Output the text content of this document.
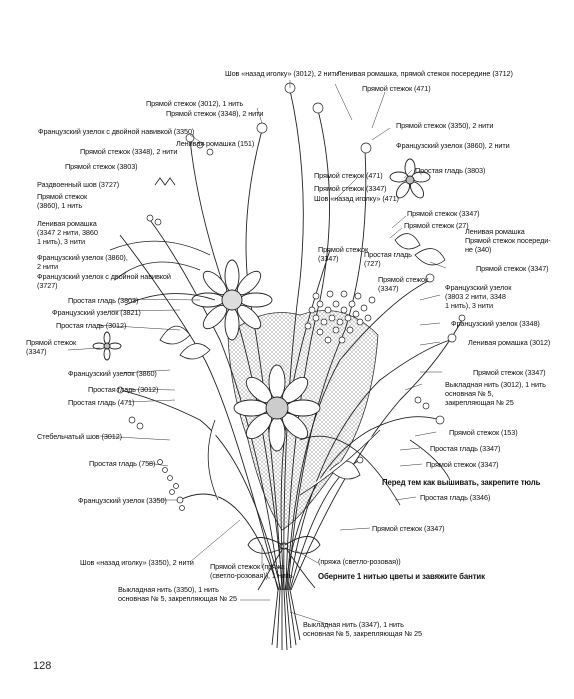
Шов «назад иголку» (3012), 2 нити
Ленивая ромашка, прямой стежок посередине (3712)
Прямой стежок (471)
Прямой стежок (3012), 1 нить
Прямой стежок (3348), 2 нити
Французский узелок с двойной навивкой (3350)
Ленивая ромашка (151)
Прямой стежок (3350), 2 нити
Французский узелок (3860), 2 нити
Прямой стежок (3348), 2 нити
Прямой стежок (3803)
Прямой стежок (471)
Прямой стежок (3347)
Шов «назад иголку» (471)
Простая гладь (3803)
Раздвоенный шов (3727)
Прямой стежок
(3860), 1 нить
Ленивая ромашка
(3347 2 нити, 3860
1 нить), 3 нити
Французский узелок (3860),
2 нити
Французский узелок с двойной навивкой
(3727)
Простая гладь (3803)
Французский узелок (3821)
Простая гладь (3012)
Прямой стежок
(3347)
Прямой стежок (3347)
Прямой стежок (27)
Ленивая ромашка
Прямой стежок посереди-
не (340)
Прямой стежок
(3347)	Простая гладь
(727)
Прямой стежок (3347)
Прямой стежок
(3347)	Французский узелок
(3803 2 нити, 3348
1 нить), 3 нити
Французский узелок (3348)
Ленивая ромашка (3012)
Французский узелок (3860)	Прямой стежок (3347)
Простая гладь (3012)
Выкладная нить (3012), 1 нить
основная № 5,
закрепляющая № 25
Простая гладь (471)
Стебельчатый шов (3012)	Прямой стежок (153)
Простая гладь (3347)
Простая гладь (758)	Прямой стежок (3347)
Перед тем как вышивать, закрепите тюль
Французский узелок (3350)	Простая гладь (3346)
Прямой стежок (3347)
Шов «назад иголку» (3350), 2 нити Прямой стежок (пряжа
(светло-розовая)), 1 нить
(пряжа (светло-розовая))
Оберните 1 нитью цветы и завяжите бантик
Выкладная нить (3350), 1 нить
основная № 5, закрепляющая № 25
Выкладная нить (3347), 1 нить
основная № 5, закрепляющая № 25
128
